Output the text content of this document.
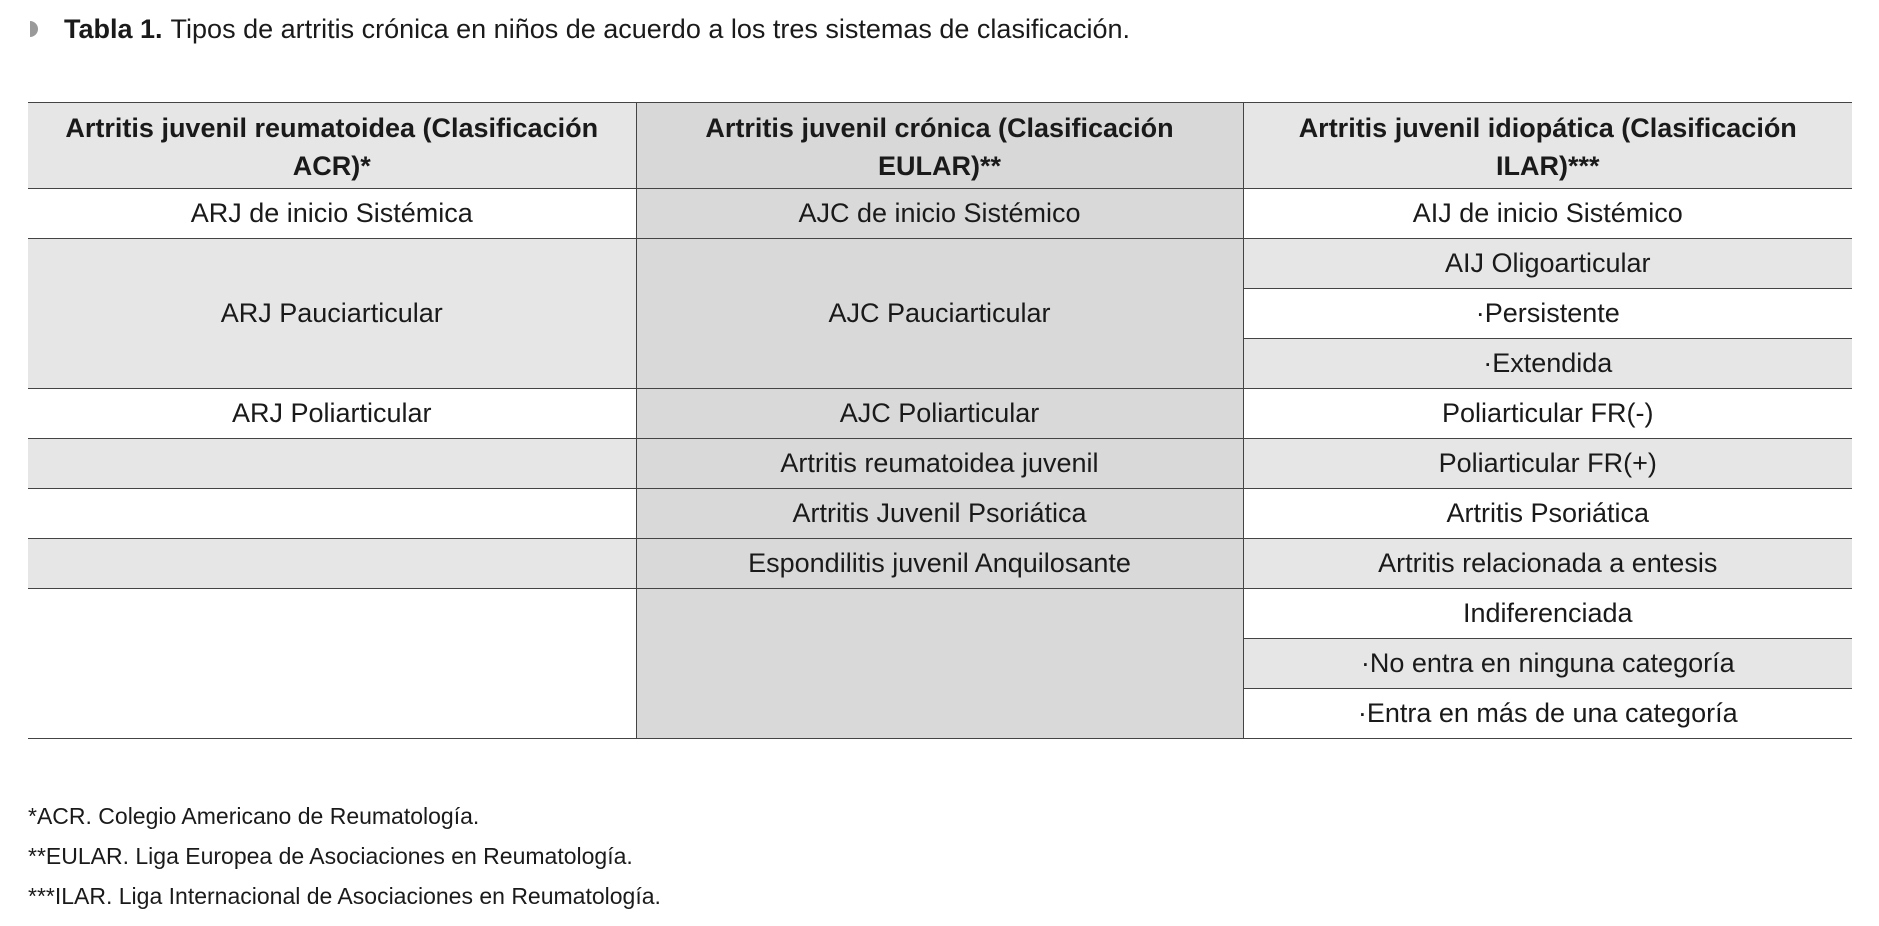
Tabla 1. Tipos de artritis crónica en niños de acuerdo a los tres sistemas de clasificación.
Artritis juvenil reumatoidea (Clasificación ACR)*	Artritis juvenil crónica (Clasificación EULAR)**	Artritis juvenil idiopática (Clasificación ILAR)***
ARJ de inicio Sistémica	AJC de inicio Sistémico	AIJ de inicio Sistémico
ARJ Pauciarticular	AJC Pauciarticular	AIJ Oligoarticular
		·Persistente
		·Extendida
ARJ Poliarticular	AJC Poliarticular	Poliarticular FR(-)
	Artritis reumatoidea juvenil	Poliarticular FR(+)
	Artritis Juvenil Psoriática	Artritis Psoriática
	Espondilitis juvenil Anquilosante	Artritis relacionada a entesis
		Indiferenciada
		·No entra en ninguna categoría
		·Entra en más de una categoría
*ACR. Colegio Americano de Reumatología.
**EULAR. Liga Europea de Asociaciones en Reumatología.
***ILAR. Liga Internacional de Asociaciones en Reumatología.
